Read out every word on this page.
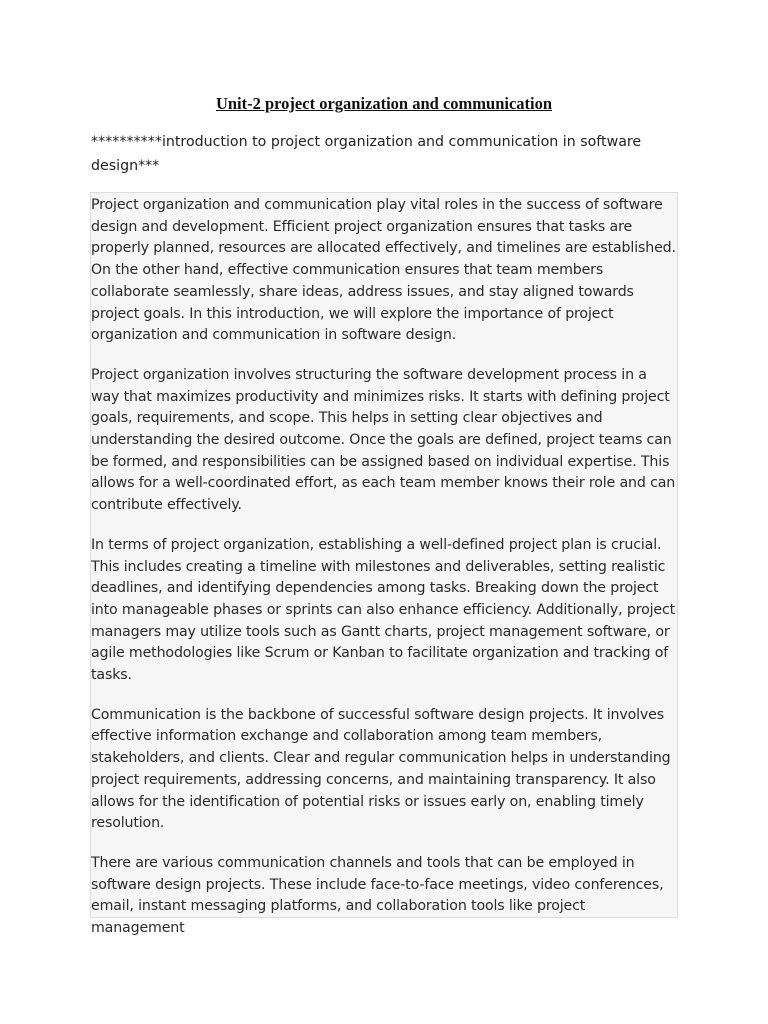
Unit-2 project organization and communication

**********introduction to project organization and communication in software design***

Project organization and communication play vital roles in the success of software design and development. Efficient project organization ensures that tasks are properly planned, resources are allocated effectively, and timelines are established. On the other hand, effective communication ensures that team members collaborate seamlessly, share ideas, address issues, and stay aligned towards project goals. In this introduction, we will explore the importance of project organization and communication in software design.

Project organization involves structuring the software development process in a way that maximizes productivity and minimizes risks. It starts with defining project goals, requirements, and scope. This helps in setting clear objectives and understanding the desired outcome. Once the goals are defined, project teams can be formed, and responsibilities can be assigned based on individual expertise. This allows for a well-coordinated effort, as each team member knows their role and can contribute effectively.

In terms of project organization, establishing a well-defined project plan is crucial. This includes creating a timeline with milestones and deliverables, setting realistic deadlines, and identifying dependencies among tasks. Breaking down the project into manageable phases or sprints can also enhance efficiency. Additionally, project managers may utilize tools such as Gantt charts, project management software, or agile methodologies like Scrum or Kanban to facilitate organization and tracking of tasks.

Communication is the backbone of successful software design projects. It involves effective information exchange and collaboration among team members, stakeholders, and clients. Clear and regular communication helps in understanding project requirements, addressing concerns, and maintaining transparency. It also allows for the identification of potential risks or issues early on, enabling timely resolution.

There are various communication channels and tools that can be employed in software design projects. These include face-to-face meetings, video conferences, email, instant messaging platforms, and collaboration tools like project management
